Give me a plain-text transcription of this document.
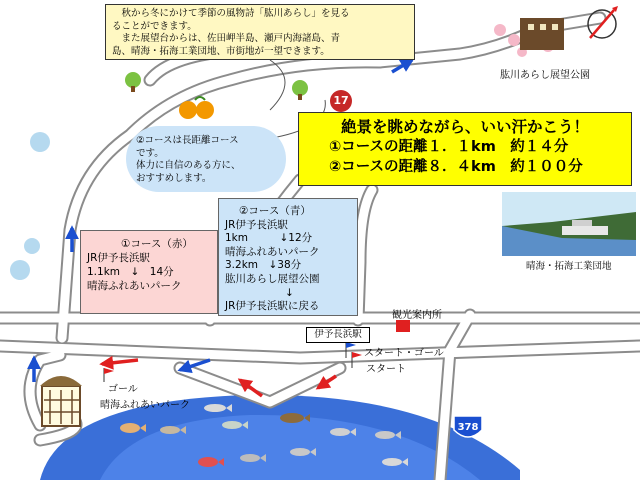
　秋から冬にかけて季節の風物詩「肱川あらし」を見る
ることができます。
　また展望台からは、佐田岬半島、瀬戸内海諸島、青
島、晴海・拓海工業団地、市街地が一望できます。
17
絶景を眺めながら、いい汗かこう！
①コースの距離１．１km　約１４分
②コースの距離８．４km　約１００分
②コースは長距離コース
です。
体力に自信のある方に、
おすすめします。
①コース（赤）
JR伊予長浜駅
1.1km　↓　14分
晴海ふれあいパーク
②コース（青）
JR伊予長浜駅
1km　　　↓12分
晴海ふれあいパーク
3.2km　↓38分
肱川あらし展望公園
↓
JR伊予長浜駅に戻る
肱川あらし展望公園
晴海・拓海工業団地
観光案内所
伊予長浜駅
スタート・ゴール
スタート
ゴール
晴海ふれあいパーク
378
